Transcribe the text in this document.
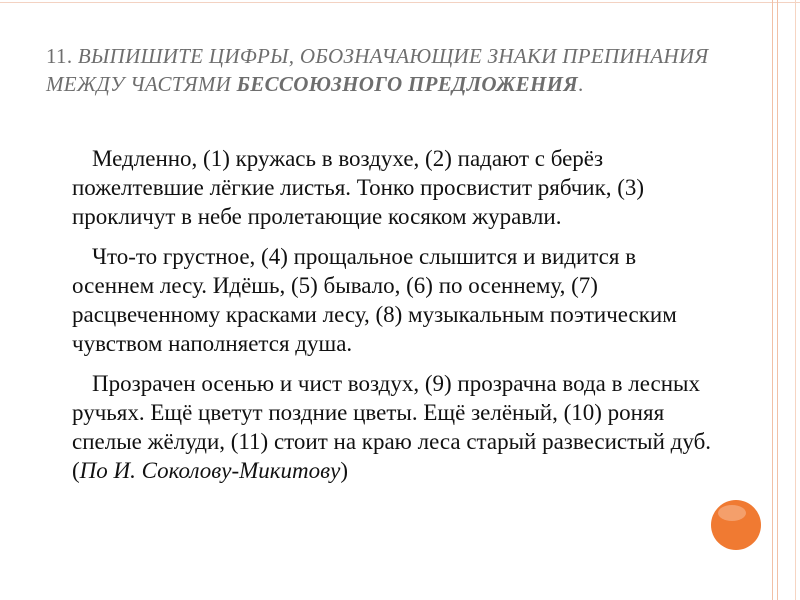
11. ВЫПИШИТЕ ЦИФРЫ, ОБОЗНАЧАЮЩИЕ ЗНАКИ ПРЕПИНАНИЯ МЕЖДУ ЧАСТЯМИ БЕССОЮЗНОГО ПРЕДЛОЖЕНИЯ.

Медленно, (1) кружась в воздухе, (2) падают с берёз пожелтевшие лёгкие листья. Тонко просвистит рябчик, (3) прокличут в небе пролетающие косяком журавли.

Что-то грустное, (4) прощальное слышится и видится в осеннем лесу. Идёшь, (5) бывало, (6) по осеннему, (7) расцвеченному красками лесу, (8) музыкальным поэтическим чувством наполняется душа.

Прозрачен осенью и чист воздух, (9) прозрачна вода в лесных ручьях. Ещё цветут поздние цветы. Ещё зелёный, (10) роняя спелые жёлуди, (11) стоит на краю леса старый развесистый дуб. (По И. Соколову-Микитову)
